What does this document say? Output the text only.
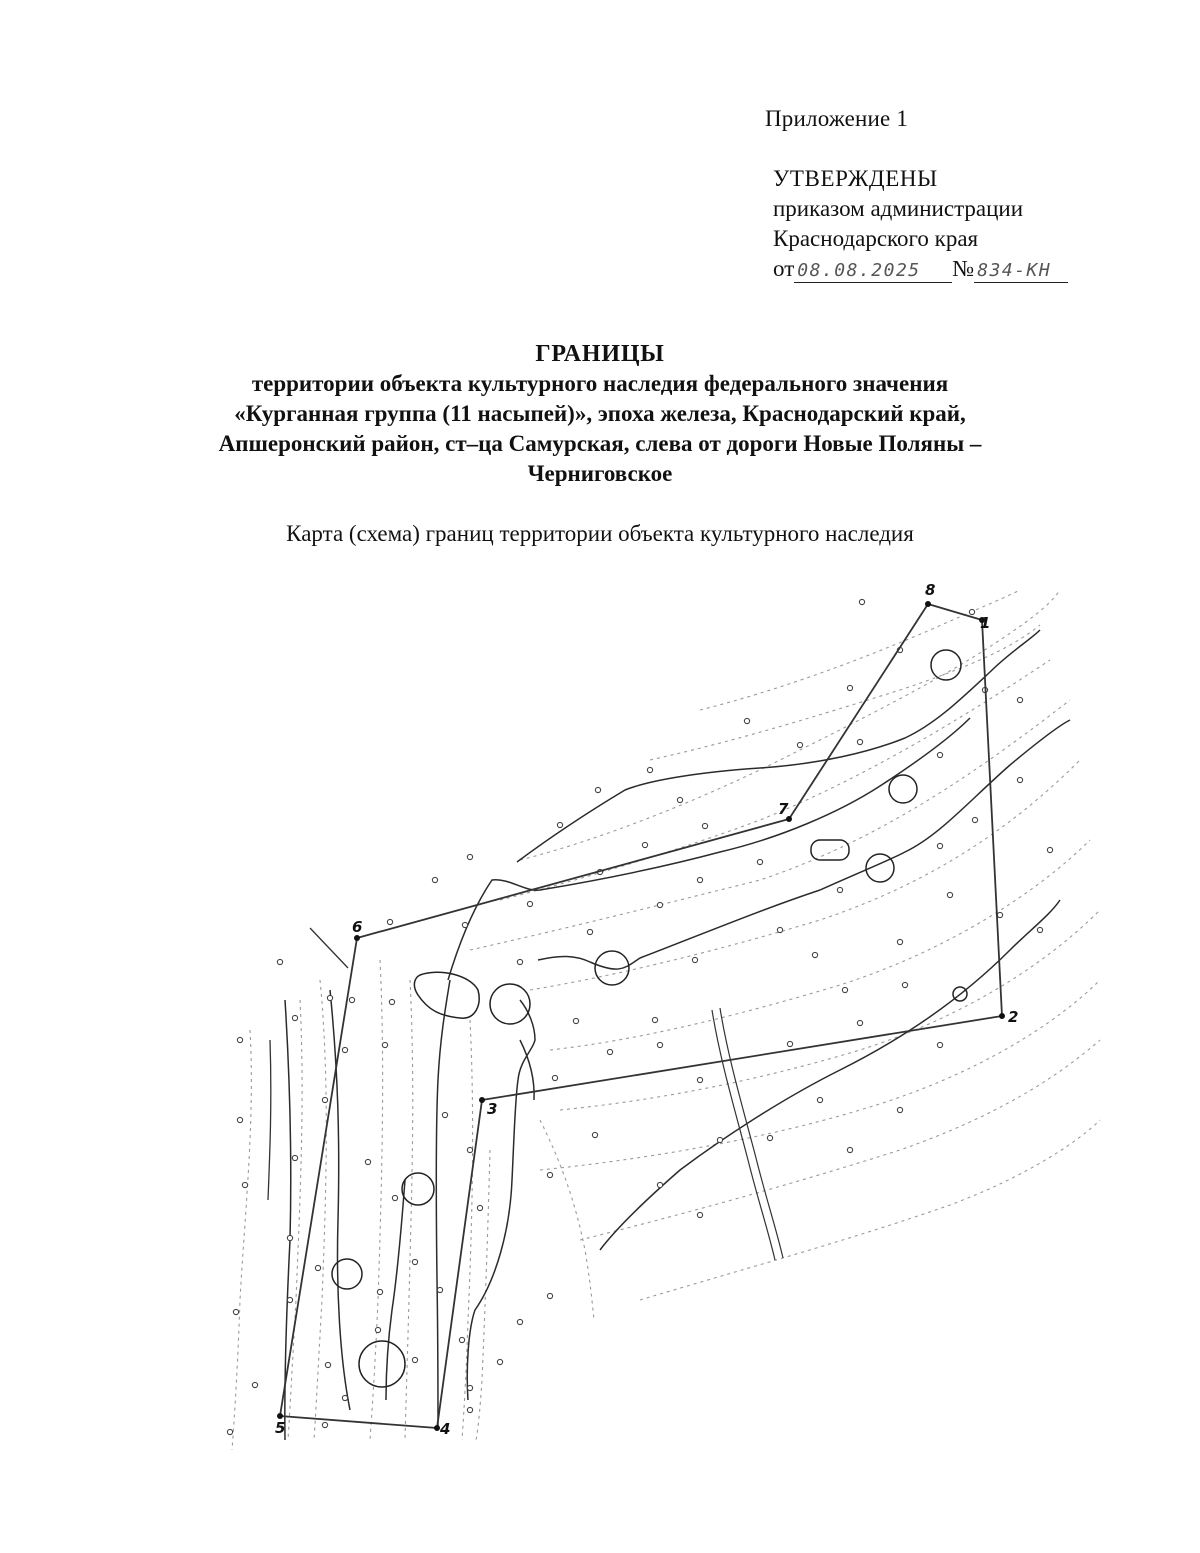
Приложение 1
УТВЕРЖДЕНЫ
приказом администрации
Краснодарского края
от 08.08.2025 № 834-КН
ГРАНИЦЫ
территории объекта культурного наследия федерального значения
«Курганная группа (11 насыпей)», эпоха железа, Краснодарский край,
Апшеронский район, ст–ца Самурская, слева от дороги Новые Поляны –
Черниговское
Карта (схема) границ территории объекта культурного наследия
1
2
3
4
5
6
7
8
